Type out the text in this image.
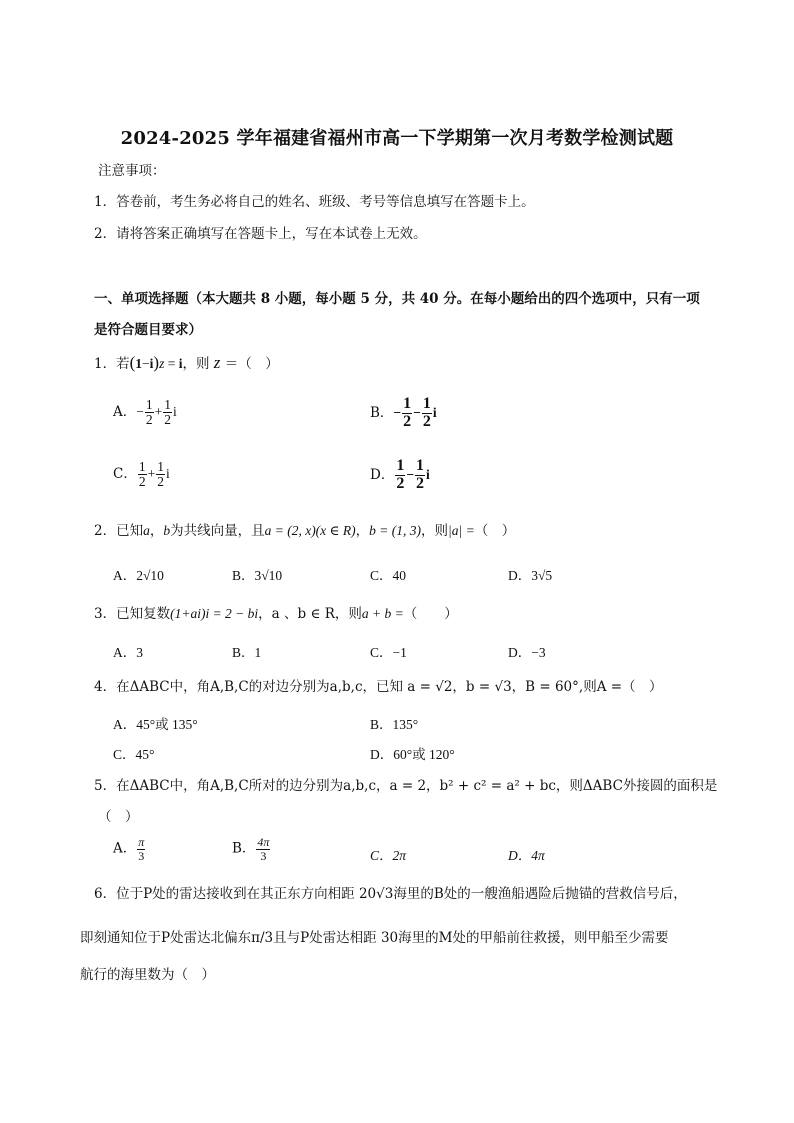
2024-2025 学年福建省福州市高一下学期第一次月考数学检测试题
注意事项：
1．答卷前，考生务必将自己的姓名、班级、考号等信息填写在答题卡上。
2．请将答案正确填写在答题卡上，写在本试卷上无效。
一、单项选择题（本大题共 8 小题，每小题 5 分，共 40 分。在每小题给出的四个选项中，只有一项
是符合题目要求）
1．若(1−i)z = i，则 z ＝（　）
A．− $\frac{1}{2} + \frac{1}{2}$ i	B．− $\frac{1}{2} - \frac{1}{2}$ i
C． $\frac{1}{2} + \frac{1}{2}$ i	D． $\frac{1}{2} - \frac{1}{2}$ i
2．已知a，b为共线向量，且a = (2, x)(x ∈ R)，b = (1, 3)，则|a| =（　）
A．2√10	B．3√10	C．40	D．3√5
3．已知复数(1+ai)i = 2 − bi，a 、b ∈ R，则a + b =（　　）
A．3	B．1	C．−1	D．−3
4．在ΔABC中，角A,B,C的对边分别为a,b,c，已知 a = √2，b = √3，B = 60°,则A =（　）
A．45°或 135°	B．135°
C．45°	D．60°或 120°
5．在ΔABC中，角A,B,C所对的边分别为a,b,c，a = 2，b² + c² = a² + bc，则ΔABC外接圆的面积是
（　）
A． $\frac{\pi}{3}$	B． $\frac{4\pi}{3}$	C．2π	D．4π
6．位于P处的雷达接收到在其正东方向相距 20√3海里的B处的一艘渔船遇险后抛锚的营救信号后，
即刻通知位于P处雷达北偏东π/3且与P处雷达相距 30海里的M处的甲船前往救援，则甲船至少需要
航行的海里数为（　）
